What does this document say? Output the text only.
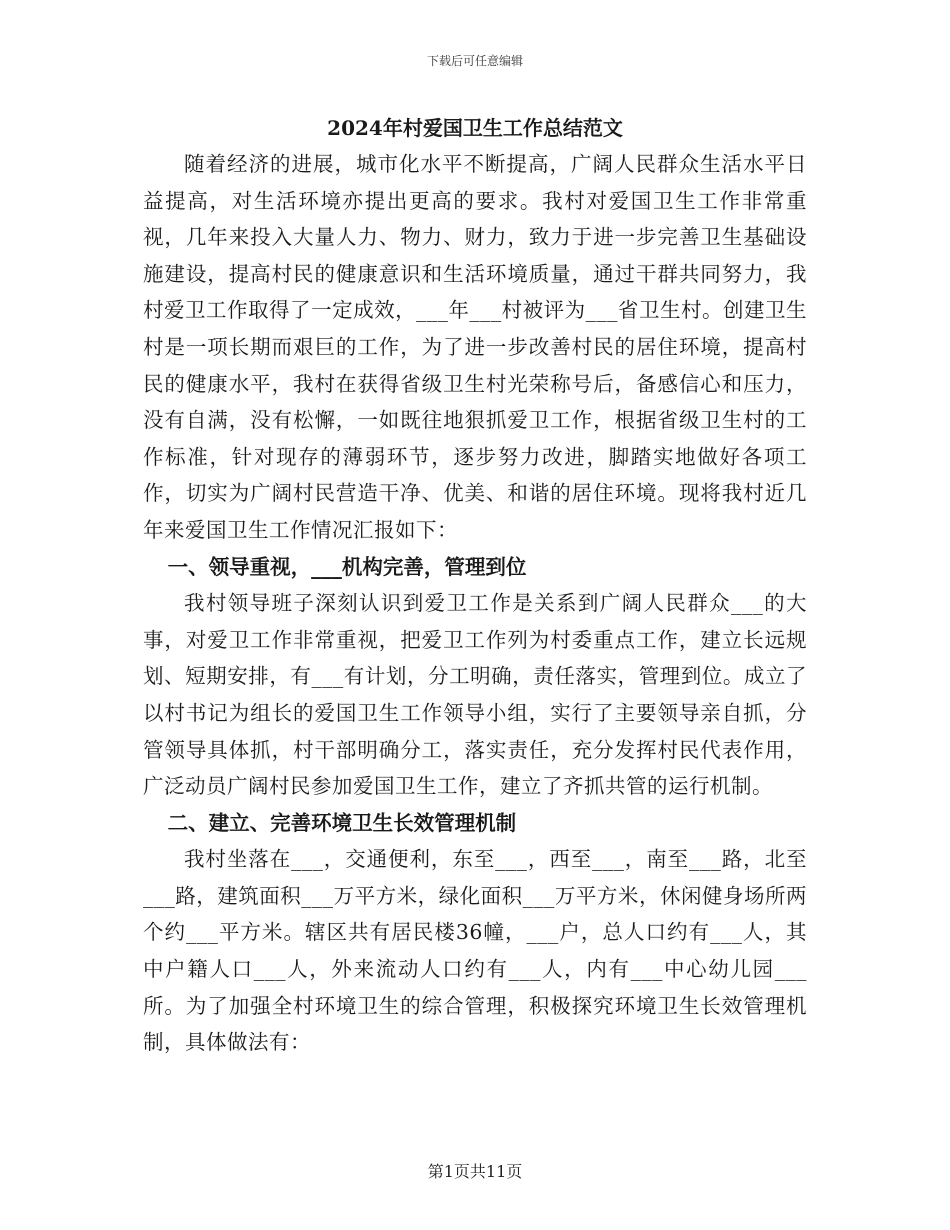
下载后可任意编辑
2024年村爱国卫生工作总结范文

随着经济的进展，城市化水平不断提高，广阔人民群众生活水平日益提高，对生活环境亦提出更高的要求。我村对爱国卫生工作非常重视，几年来投入大量人力、物力、财力，致力于进一步完善卫生基础设施建设，提高村民的健康意识和生活环境质量，通过干群共同努力，我村爱卫工作取得了一定成效，___年___村被评为___省卫生村。创建卫生村是一项长期而艰巨的工作，为了进一步改善村民的居住环境，提高村民的健康水平，我村在获得省级卫生村光荣称号后，备感信心和压力，没有自满，没有松懈，一如既往地狠抓爱卫工作，根据省级卫生村的工作标准，针对现存的薄弱环节，逐步努力改进，脚踏实地做好各项工作，切实为广阔村民营造干净、优美、和谐的居住环境。现将我村近几年来爱国卫生工作情况汇报如下：

一、领导重视，___机构完善，管理到位

我村领导班子深刻认识到爱卫工作是关系到广阔人民群众___的大事，对爱卫工作非常重视，把爱卫工作列为村委重点工作，建立长远规划、短期安排，有___有计划，分工明确，责任落实，管理到位。成立了以村书记为组长的爱国卫生工作领导小组，实行了主要领导亲自抓，分管领导具体抓，村干部明确分工，落实责任，充分发挥村民代表作用，广泛动员广阔村民参加爱国卫生工作，建立了齐抓共管的运行机制。

二、建立、完善环境卫生长效管理机制

我村坐落在___，交通便利，东至___，西至___，南至___路，北至___路，建筑面积___万平方米，绿化面积___万平方米，休闲健身场所两个约___平方米。辖区共有居民楼36幢，___户，总人口约有___人，其中户籍人口___人，外来流动人口约有___人，内有___中心幼儿园___所。为了加强全村环境卫生的综合管理，积极探究环境卫生长效管理机制，具体做法有：

第1页共11页
